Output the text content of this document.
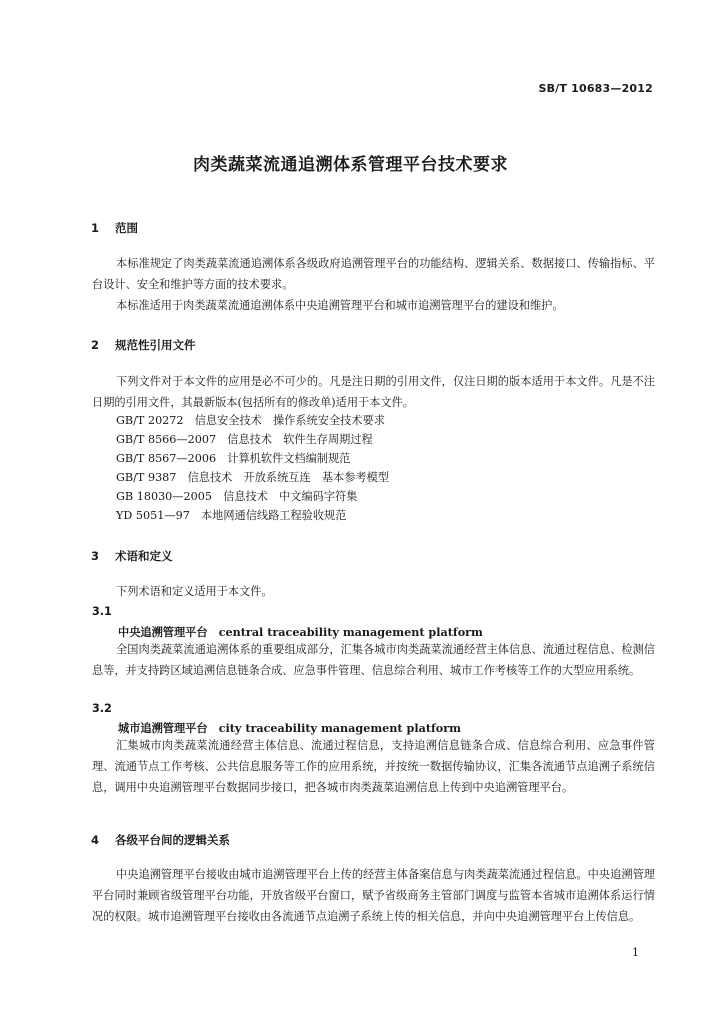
SB/T 10683—2012
肉类蔬菜流通追溯体系管理平台技术要求
1 范围

本标准规定了肉类蔬菜流通追溯体系各级政府追溯管理平台的功能结构、逻辑关系、数据接口、传输指标、平台设计、安全和维护等方面的技术要求。

本标准适用于肉类蔬菜流通追溯体系中央追溯管理平台和城市追溯管理平台的建设和维护。

2 规范性引用文件

下列文件对于本文件的应用是必不可少的。凡是注日期的引用文件，仅注日期的版本适用于本文件。凡是不注日期的引用文件，其最新版本(包括所有的修改单)适用于本文件。

GB/T 20272　信息安全技术　操作系统安全技术要求
GB/T 8566—2007　信息技术　软件生存周期过程
GB/T 8567—2006　计算机软件文档编制规范
GB/T 9387　信息技术　开放系统互连　基本参考模型
GB 18030—2005　信息技术　中文编码字符集
YD 5051—97　本地网通信线路工程验收规范
3 术语和定义

下列术语和定义适用于本文件。

3.1
中央追溯管理平台　central traceability management platform

全国肉类蔬菜流通追溯体系的重要组成部分，汇集各城市肉类蔬菜流通经营主体信息、流通过程信息、检测信息等，并支持跨区域追溯信息链条合成、应急事件管理、信息综合利用、城市工作考核等工作的大型应用系统。

3.2
城市追溯管理平台　city traceability management platform

汇集城市肉类蔬菜流通经营主体信息、流通过程信息，支持追溯信息链条合成、信息综合利用、应急事件管理、流通节点工作考核、公共信息服务等工作的应用系统，并按统一数据传输协议，汇集各流通节点追溯子系统信息，调用中央追溯管理平台数据同步接口，把各城市肉类蔬菜追溯信息上传到中央追溯管理平台。

4 各级平台间的逻辑关系

中央追溯管理平台接收由城市追溯管理平台上传的经营主体备案信息与肉类蔬菜流通过程信息。中央追溯管理平台同时兼顾省级管理平台功能，开放省级平台窗口，赋予省级商务主管部门调度与监管本省城市追溯体系运行情况的权限。城市追溯管理平台接收由各流通节点追溯子系统上传的相关信息，并向中央追溯管理平台上传信息。

1
